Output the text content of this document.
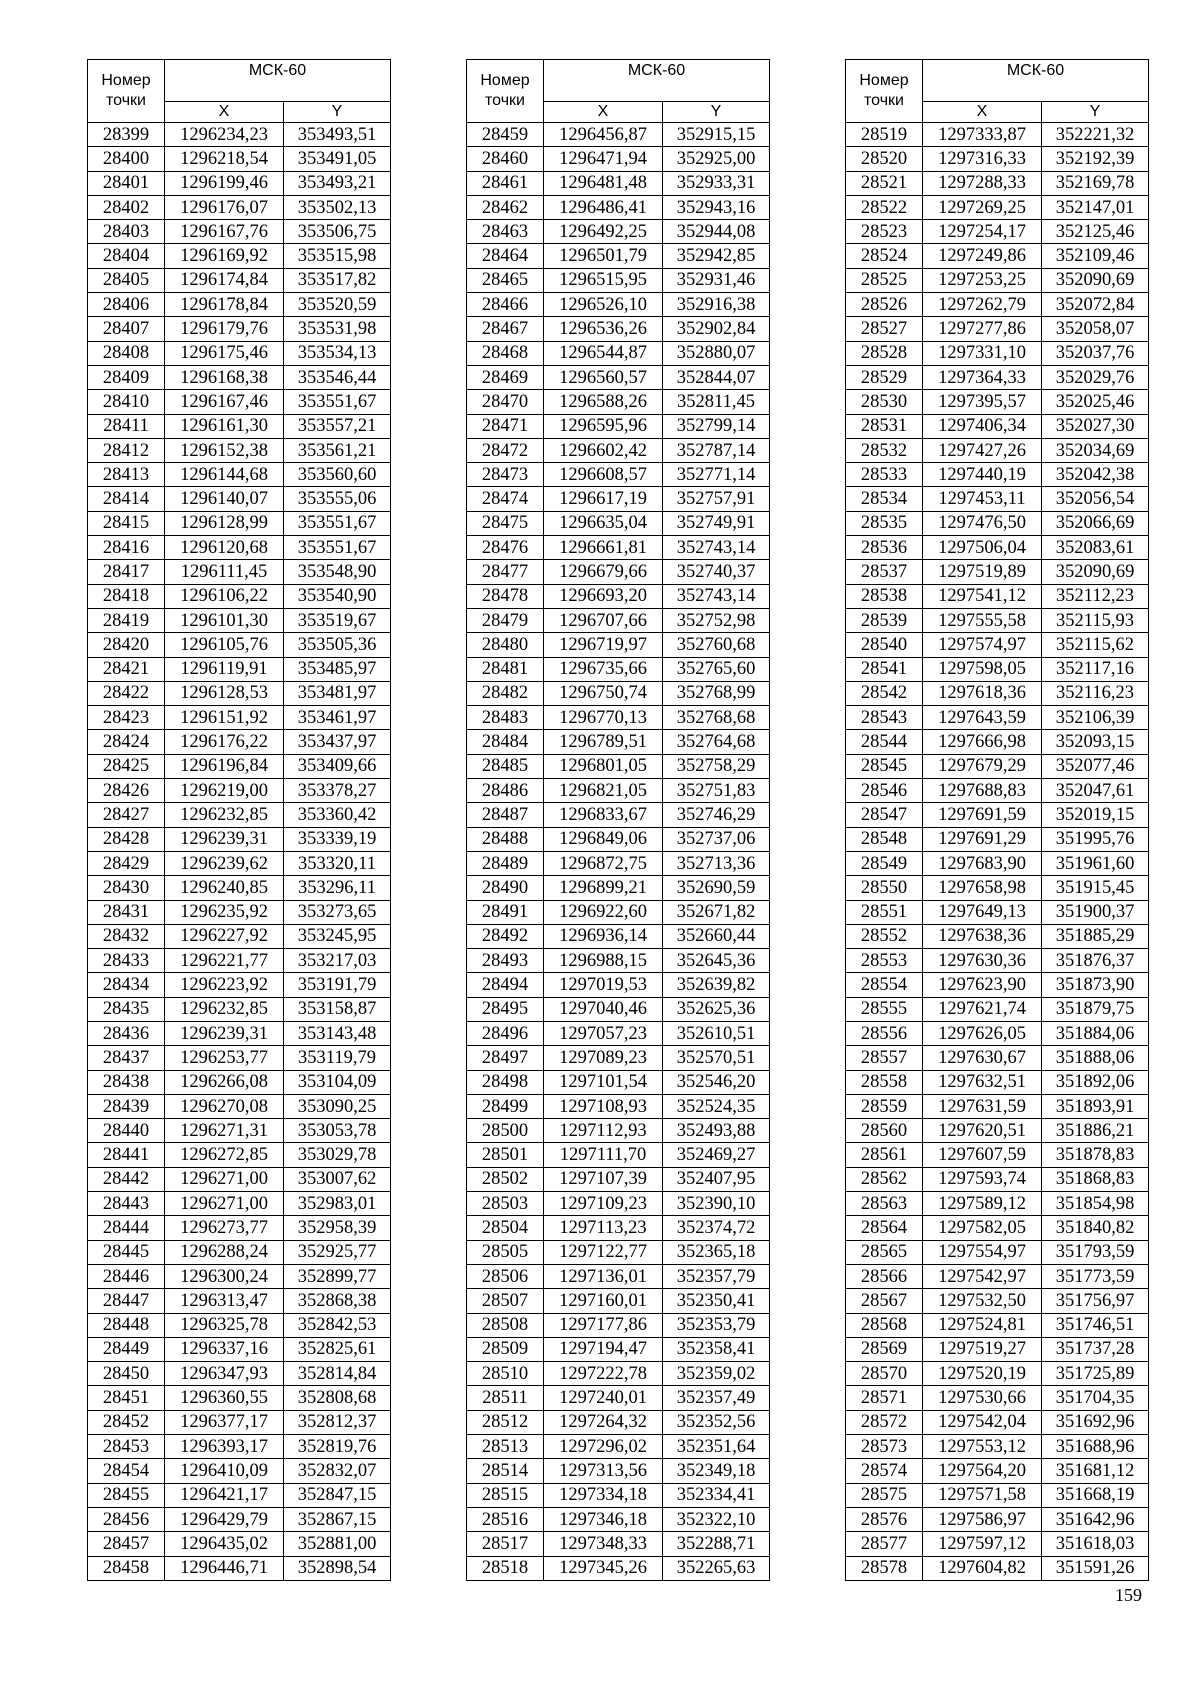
Номер точки	МСК-60	
	X	Y
28399	1296234,23	353493,51
28400	1296218,54	353491,05
28401	1296199,46	353493,21
28402	1296176,07	353502,13
28403	1296167,76	353506,75
28404	1296169,92	353515,98
28405	1296174,84	353517,82
28406	1296178,84	353520,59
28407	1296179,76	353531,98
28408	1296175,46	353534,13
28409	1296168,38	353546,44
28410	1296167,46	353551,67
28411	1296161,30	353557,21
28412	1296152,38	353561,21
28413	1296144,68	353560,60
28414	1296140,07	353555,06
28415	1296128,99	353551,67
28416	1296120,68	353551,67
28417	1296111,45	353548,90
28418	1296106,22	353540,90
28419	1296101,30	353519,67
28420	1296105,76	353505,36
28421	1296119,91	353485,97
28422	1296128,53	353481,97
28423	1296151,92	353461,97
28424	1296176,22	353437,97
28425	1296196,84	353409,66
28426	1296219,00	353378,27
28427	1296232,85	353360,42
28428	1296239,31	353339,19
28429	1296239,62	353320,11
28430	1296240,85	353296,11
28431	1296235,92	353273,65
28432	1296227,92	353245,95
28433	1296221,77	353217,03
28434	1296223,92	353191,79
28435	1296232,85	353158,87
28436	1296239,31	353143,48
28437	1296253,77	353119,79
28438	1296266,08	353104,09
28439	1296270,08	353090,25
28440	1296271,31	353053,78
28441	1296272,85	353029,78
28442	1296271,00	353007,62
28443	1296271,00	352983,01
28444	1296273,77	352958,39
28445	1296288,24	352925,77
28446	1296300,24	352899,77
28447	1296313,47	352868,38
28448	1296325,78	352842,53
28449	1296337,16	352825,61
28450	1296347,93	352814,84
28451	1296360,55	352808,68
28452	1296377,17	352812,37
28453	1296393,17	352819,76
28454	1296410,09	352832,07
28455	1296421,17	352847,15
28456	1296429,79	352867,15
28457	1296435,02	352881,00
28458	1296446,71	352898,54
Номер точки	МСК-60	
	X	Y
28459	1296456,87	352915,15
28460	1296471,94	352925,00
28461	1296481,48	352933,31
28462	1296486,41	352943,16
28463	1296492,25	352944,08
28464	1296501,79	352942,85
28465	1296515,95	352931,46
28466	1296526,10	352916,38
28467	1296536,26	352902,84
28468	1296544,87	352880,07
28469	1296560,57	352844,07
28470	1296588,26	352811,45
28471	1296595,96	352799,14
28472	1296602,42	352787,14
28473	1296608,57	352771,14
28474	1296617,19	352757,91
28475	1296635,04	352749,91
28476	1296661,81	352743,14
28477	1296679,66	352740,37
28478	1296693,20	352743,14
28479	1296707,66	352752,98
28480	1296719,97	352760,68
28481	1296735,66	352765,60
28482	1296750,74	352768,99
28483	1296770,13	352768,68
28484	1296789,51	352764,68
28485	1296801,05	352758,29
28486	1296821,05	352751,83
28487	1296833,67	352746,29
28488	1296849,06	352737,06
28489	1296872,75	352713,36
28490	1296899,21	352690,59
28491	1296922,60	352671,82
28492	1296936,14	352660,44
28493	1296988,15	352645,36
28494	1297019,53	352639,82
28495	1297040,46	352625,36
28496	1297057,23	352610,51
28497	1297089,23	352570,51
28498	1297101,54	352546,20
28499	1297108,93	352524,35
28500	1297112,93	352493,88
28501	1297111,70	352469,27
28502	1297107,39	352407,95
28503	1297109,23	352390,10
28504	1297113,23	352374,72
28505	1297122,77	352365,18
28506	1297136,01	352357,79
28507	1297160,01	352350,41
28508	1297177,86	352353,79
28509	1297194,47	352358,41
28510	1297222,78	352359,02
28511	1297240,01	352357,49
28512	1297264,32	352352,56
28513	1297296,02	352351,64
28514	1297313,56	352349,18
28515	1297334,18	352334,41
28516	1297346,18	352322,10
28517	1297348,33	352288,71
28518	1297345,26	352265,63
Номер точки	МСК-60	
	X	Y
28519	1297333,87	352221,32
28520	1297316,33	352192,39
28521	1297288,33	352169,78
28522	1297269,25	352147,01
28523	1297254,17	352125,46
28524	1297249,86	352109,46
28525	1297253,25	352090,69
28526	1297262,79	352072,84
28527	1297277,86	352058,07
28528	1297331,10	352037,76
28529	1297364,33	352029,76
28530	1297395,57	352025,46
28531	1297406,34	352027,30
28532	1297427,26	352034,69
28533	1297440,19	352042,38
28534	1297453,11	352056,54
28535	1297476,50	352066,69
28536	1297506,04	352083,61
28537	1297519,89	352090,69
28538	1297541,12	352112,23
28539	1297555,58	352115,93
28540	1297574,97	352115,62
28541	1297598,05	352117,16
28542	1297618,36	352116,23
28543	1297643,59	352106,39
28544	1297666,98	352093,15
28545	1297679,29	352077,46
28546	1297688,83	352047,61
28547	1297691,59	352019,15
28548	1297691,29	351995,76
28549	1297683,90	351961,60
28550	1297658,98	351915,45
28551	1297649,13	351900,37
28552	1297638,36	351885,29
28553	1297630,36	351876,37
28554	1297623,90	351873,90
28555	1297621,74	351879,75
28556	1297626,05	351884,06
28557	1297630,67	351888,06
28558	1297632,51	351892,06
28559	1297631,59	351893,91
28560	1297620,51	351886,21
28561	1297607,59	351878,83
28562	1297593,74	351868,83
28563	1297589,12	351854,98
28564	1297582,05	351840,82
28565	1297554,97	351793,59
28566	1297542,97	351773,59
28567	1297532,50	351756,97
28568	1297524,81	351746,51
28569	1297519,27	351737,28
28570	1297520,19	351725,89
28571	1297530,66	351704,35
28572	1297542,04	351692,96
28573	1297553,12	351688,96
28574	1297564,20	351681,12
28575	1297571,58	351668,19
28576	1297586,97	351642,96
28577	1297597,12	351618,03
28578	1297604,82	351591,26
159
